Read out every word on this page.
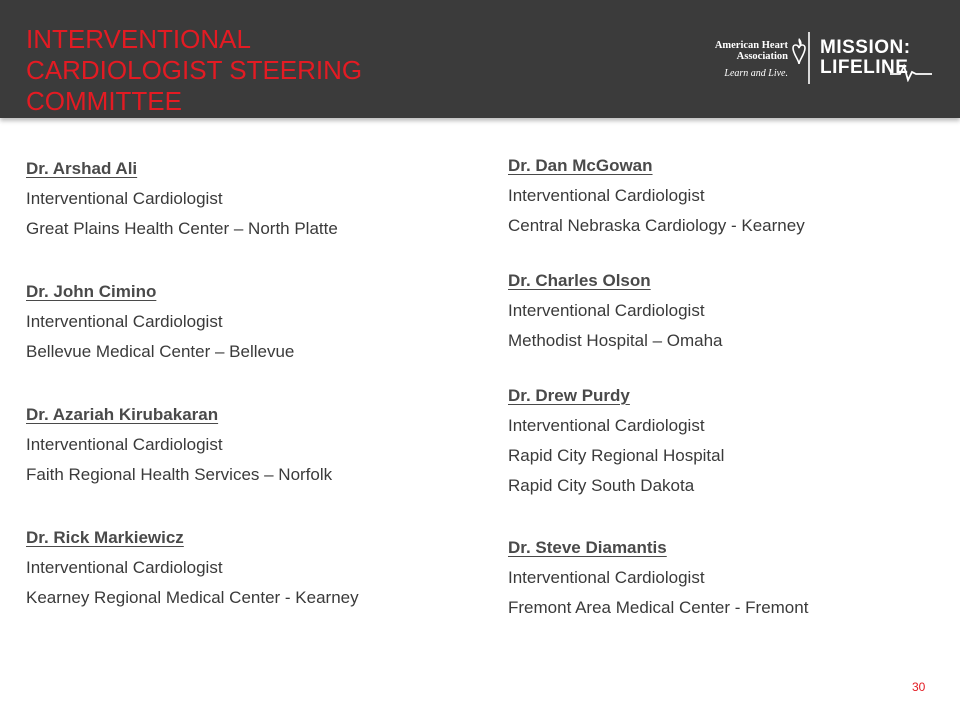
INTERVENTIONAL
CARDIOLOGIST STEERING
COMMITTEE
American Heart
Association
Learn and Live.
MISSION:
LIFELINE
Dr. Arshad Ali
Interventional Cardiologist
Great Plains Health Center – North Platte
Dr. John Cimino
Interventional Cardiologist
Bellevue Medical Center – Bellevue
Dr. Azariah Kirubakaran
Interventional Cardiologist
Faith Regional Health Services – Norfolk
Dr. Rick Markiewicz
Interventional Cardiologist
Kearney Regional Medical Center - Kearney
Dr. Dan McGowan
Interventional Cardiologist
Central Nebraska Cardiology - Kearney
Dr. Charles Olson
Interventional Cardiologist
Methodist Hospital – Omaha
Dr. Drew Purdy
Interventional Cardiologist
Rapid City Regional Hospital
Rapid City South Dakota
Dr. Steve Diamantis
Interventional Cardiologist
Fremont Area Medical Center - Fremont
30
